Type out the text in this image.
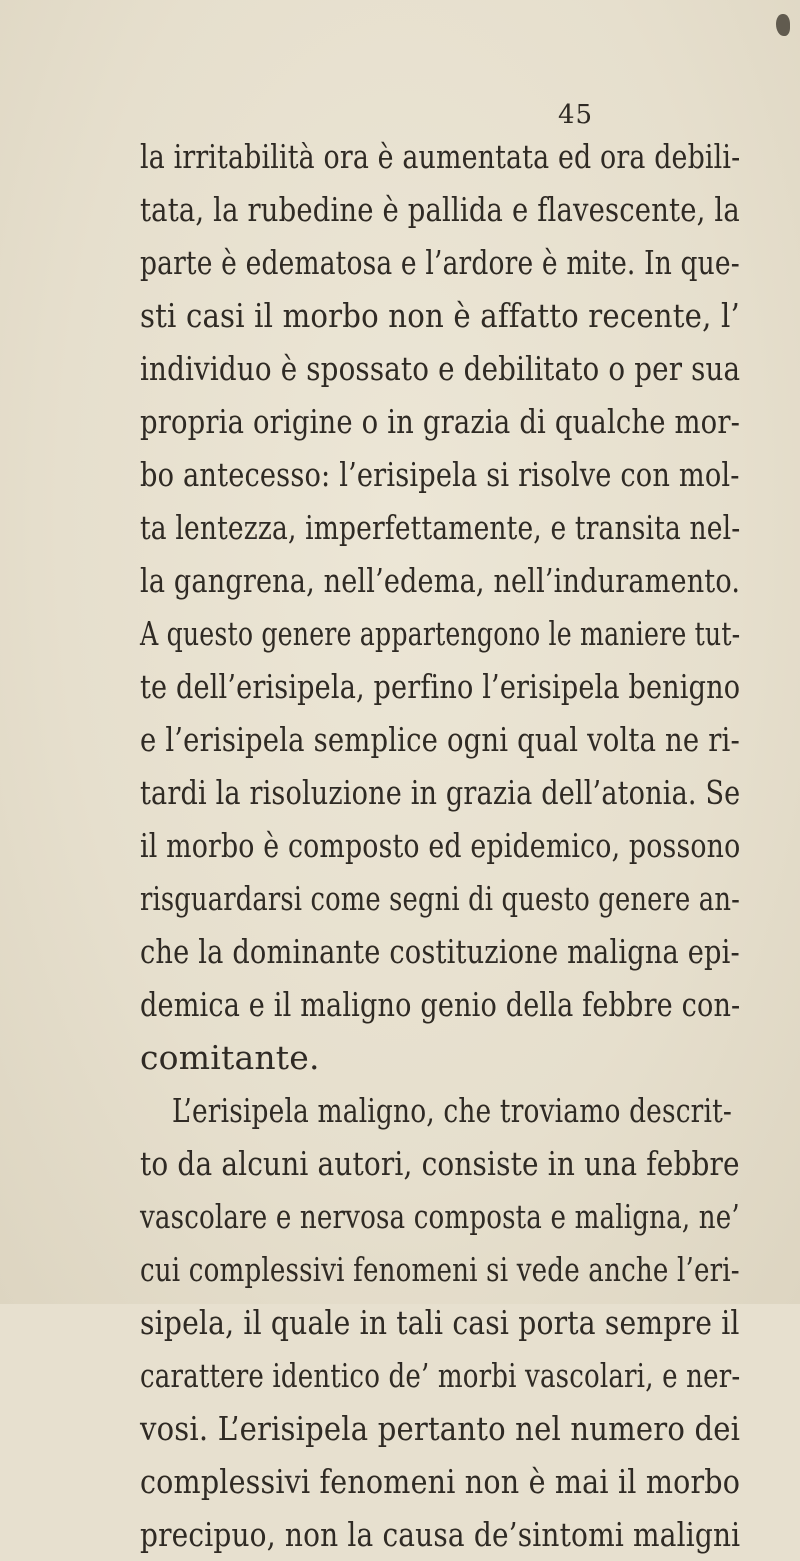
45
la irritabilità ora è aumentata ed ora debili-
tata, la rubedine è pallida e flavescente, la
parte è edematosa e l’ardore è mite. In que-
sti casi il morbo non è affatto recente, l’
individuo è spossato e debilitato o per sua
propria origine o in grazia di qualche mor-
bo antecesso: l’erisipela si risolve con mol-
ta lentezza, imperfettamente, e transita nel-
la gangrena, nell’edema, nell’induramento.
A questo genere appartengono le maniere tut-
te dell’erisipela, perfino l’erisipela benigno
e l’erisipela semplice ogni qual volta ne ri-
tardi la risoluzione in grazia dell’atonia. Se
il morbo è composto ed epidemico, possono
risguardarsi come segni di questo genere an-
che la dominante costituzione maligna epi-
demica e il maligno genio della febbre con-
comitante.
L’erisipela maligno, che troviamo descrit-
to da alcuni autori, consiste in una febbre
vascolare e nervosa composta e maligna, ne’
cui complessivi fenomeni si vede anche l’eri-
sipela, il quale in tali casi porta sempre il
carattere identico de’ morbi vascolari, e ner-
vosi. L’erisipela pertanto nel numero dei
complessivi fenomeni non è mai il morbo
precipuo, non la causa de’sintomi maligni
